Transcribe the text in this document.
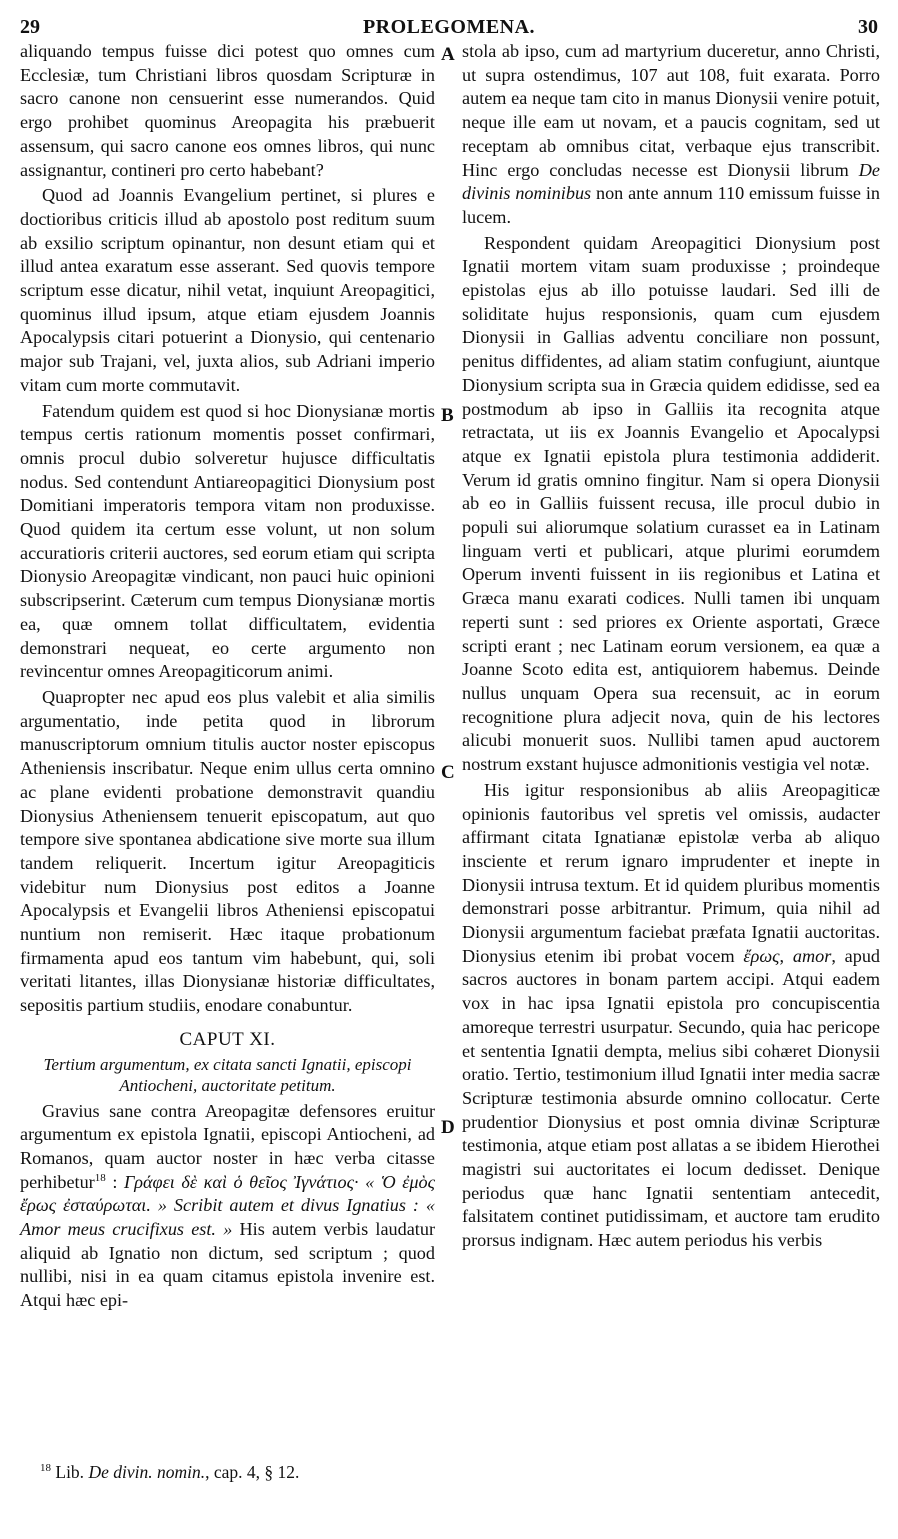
29	PROLEGOMENA.	30

aliquando tempus fuisse dici potest quo omnes cum Ecclesiæ, tum Christiani libros quosdam Scripturæ in sacro canone non censuerint esse numerandos. Quid ergo prohibet quominus Areopagita his præbuerit assensum, qui sacro canone eos omnes libros, qui nunc assignantur, contineri pro certo habebant?

Quod ad Joannis Evangelium pertinet, si plures e doctioribus criticis illud ab apostolo post reditum suum ab exsilio scriptum opinantur, non desunt etiam qui et illud antea exaratum esse asserant. Sed quovis tempore scriptum esse dicatur, nihil vetat, inquiunt Areopagitici, quominus illud ipsum, atque etiam ejusdem Joannis Apocalypsis citari potuerint a Dionysio, qui centenario major sub Trajani, vel, juxta alios, sub Adriani imperio vitam cum morte commutavit.

Fatendum quidem est quod si hoc Dionysianæ mortis tempus certis rationum momentis posset confirmari, omnis procul dubio solveretur hujusce difficultatis nodus. Sed contendunt Antiareopagitici Dionysium post Domitiani imperatoris tempora vitam non produxisse. Quod quidem ita certum esse volunt, ut non solum accuratioris criterii auctores, sed eorum etiam qui scripta Dionysio Areopagitæ vindicant, non pauci huic opinioni subscripserint. Cæterum cum tempus Dionysianæ mortis ea, quæ omnem tollat difficultatem, evidentia demonstrari nequeat, eo certe argumento non revincentur omnes Areopagiticorum animi.

Quapropter nec apud eos plus valebit et alia similis argumentatio, inde petita quod in librorum manuscriptorum omnium titulis auctor noster episcopus Atheniensis inscribatur. Neque enim ullus certa omnino ac plane evidenti probatione demonstravit quandiu Dionysius Atheniensem tenuerit episcopatum, aut quo tempore sive spontanea abdicatione sive morte sua illum tandem reliquerit. Incertum igitur Areopagiticis videbitur num Dionysius post editos a Joanne Apocalypsis et Evangelii libros Atheniensi episcopatui nuntium non remiserit. Hæc itaque probationum firmamenta apud eos tantum vim habebunt, qui, soli veritati litantes, illas Dionysianæ historiæ difficultates, sepositis partium studiis, enodare conabuntur.

CAPUT XI.
Tertium argumentum, ex citata sancti Ignatii, episcopi Antiocheni, auctoritate petitum.

Gravius sane contra Areopagitæ defensores eruitur argumentum ex epistola Ignatii, episcopi Antiocheni, ad Romanos, quam auctor noster in hæc verba citasse perhibetur$^{18}$ : Γράφει δὲ καὶ ὁ θεῖος Ἰγνάτιος· « Ὁ ἐμὸς ἔρως ἐσταύρωται. » Scribit autem et divus Ignatius : « Amor meus crucifixus est. » His autem verbis laudatur aliquid ab Ignatio non dictum, sed scriptum ; quod nullibi, nisi in ea quam citamus epistola invenire est. Atqui hæc epi-

stola ab ipso, cum ad martyrium duceretur, anno Christi, ut supra ostendimus, 107 aut 108, fuit exarata. Porro autem ea neque tam cito in manus Dionysii venire potuit, neque ille eam ut novam, et a paucis cognitam, sed ut receptam ab omnibus citat, verbaque ejus transcribit. Hinc ergo concludas necesse est Dionysii librum De divinis nominibus non ante annum 110 emissum fuisse in lucem.

Respondent quidam Areopagitici Dionysium post Ignatii mortem vitam suam produxisse ; proindeque epistolas ejus ab illo potuisse laudari. Sed illi de soliditate hujus responsionis, quam cum ejusdem Dionysii in Gallias adventu conciliare non possunt, penitus diffidentes, ad aliam statim confugiunt, aiuntque Dionysium scripta sua in Græcia quidem edidisse, sed ea postmodum ab ipso in Galliis ita recognita atque retractata, ut iis ex Joannis Evangelio et Apocalypsi atque ex Ignatii epistola plura testimonia addiderit. Verum id gratis omnino fingitur. Nam si opera Dionysii ab eo in Galliis fuissent recusa, ille procul dubio in populi sui aliorumque solatium curasset ea in Latinam linguam verti et publicari, atque plurimi eorumdem Operum inventi fuissent in iis regionibus et Latina et Græca manu exarati codices. Nulli tamen ibi unquam reperti sunt : sed priores ex Oriente asportati, Græce scripti erant ; nec Latinam eorum versionem, ea quæ a Joanne Scoto edita est, antiquiorem habemus. Deinde nullus unquam Opera sua recensuit, ac in eorum recognitione plura adjecit nova, quin de his lectores alicubi monuerit suos. Nullibi tamen apud auctorem nostrum exstant hujusce admonitionis vestigia vel notæ.

His igitur responsionibus ab aliis Areopagiticæ opinionis fautoribus vel spretis vel omissis, audacter affirmant citata Ignatianæ epistolæ verba ab aliquo insciente et rerum ignaro imprudenter et inepte in Dionysii intrusa textum. Et id quidem pluribus momentis demonstrari posse arbitrantur. Primum, quia nihil ad Dionysii argumentum faciebat præfata Ignatii auctoritas. Dionysius etenim ibi probat vocem ἔρως, amor, apud sacros auctores in bonam partem accipi. Atqui eadem vox in hac ipsa Ignatii epistola pro concupiscentia amoreque terrestri usurpatur. Secundo, quia hac pericope et sententia Ignatii dempta, melius sibi cohæret Dionysii oratio. Tertio, testimonium illud Ignatii inter media sacræ Scripturæ testimonia absurde omnino collocatur. Certe prudentior Dionysius et post omnia divinæ Scripturæ testimonia, atque etiam post allatas a se ibidem Hierothei magistri sui auctoritates ei locum dedisset. Denique periodus quæ hanc Ignatii sententiam antecedit, falsitatem continet putidissimam, et auctore tam erudito prorsus indignam. Hæc autem periodus his verbis

A
B
C
D
$^{18}$ Lib. De divin. nomin., cap. 4, § 12.
